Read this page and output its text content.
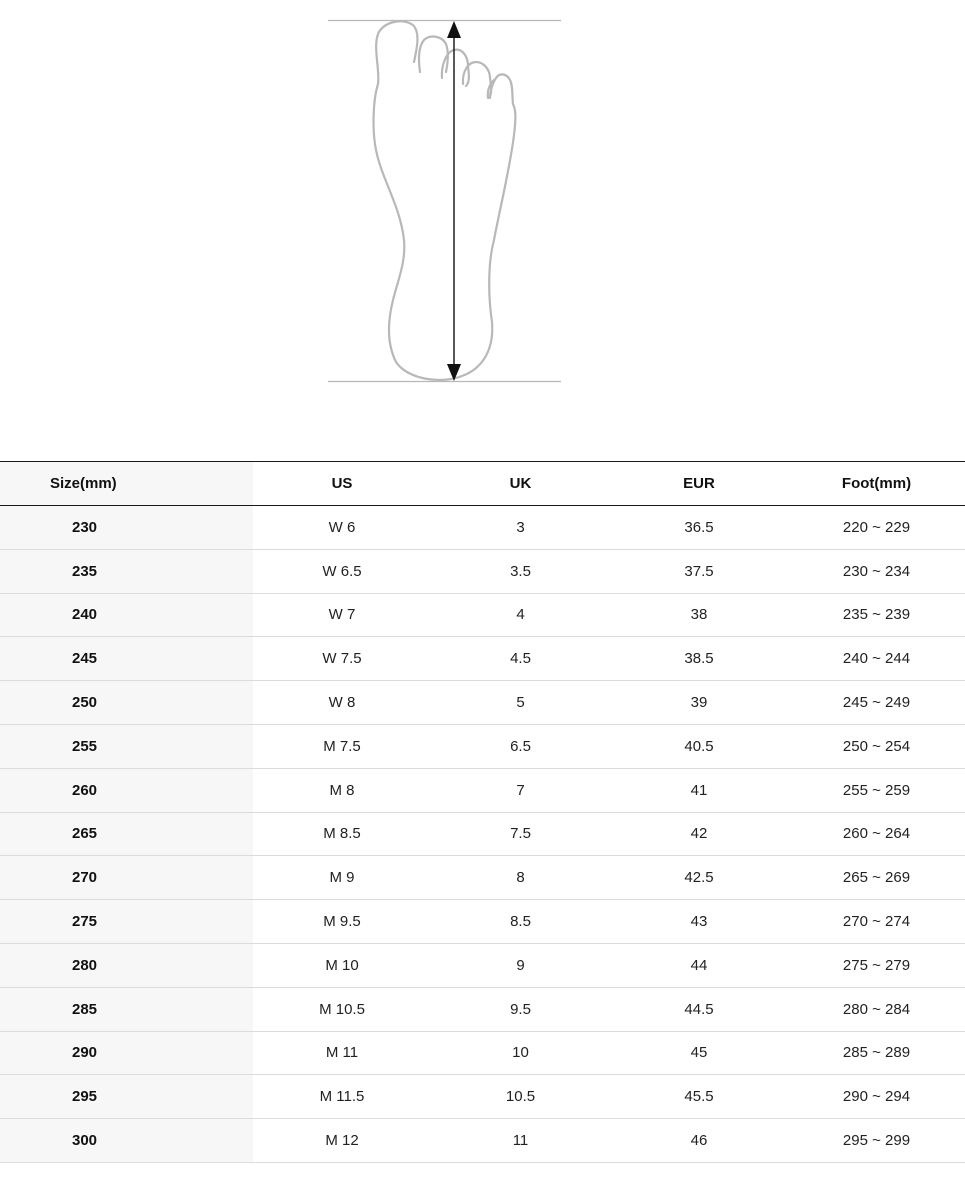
Size(mm)	US	UK	EUR	Foot(mm)
230	W 6	3	36.5	220 ~ 229
235	W 6.5	3.5	37.5	230 ~ 234
240	W 7	4	38	235 ~ 239
245	W 7.5	4.5	38.5	240 ~ 244
250	W 8	5	39	245 ~ 249
255	M 7.5	6.5	40.5	250 ~ 254
260	M 8	7	41	255 ~ 259
265	M 8.5	7.5	42	260 ~ 264
270	M 9	8	42.5	265 ~ 269
275	M 9.5	8.5	43	270 ~ 274
280	M 10	9	44	275 ~ 279
285	M 10.5	9.5	44.5	280 ~ 284
290	M 11	10	45	285 ~ 289
295	M 11.5	10.5	45.5	290 ~ 294
300	M 12	11	46	295 ~ 299
